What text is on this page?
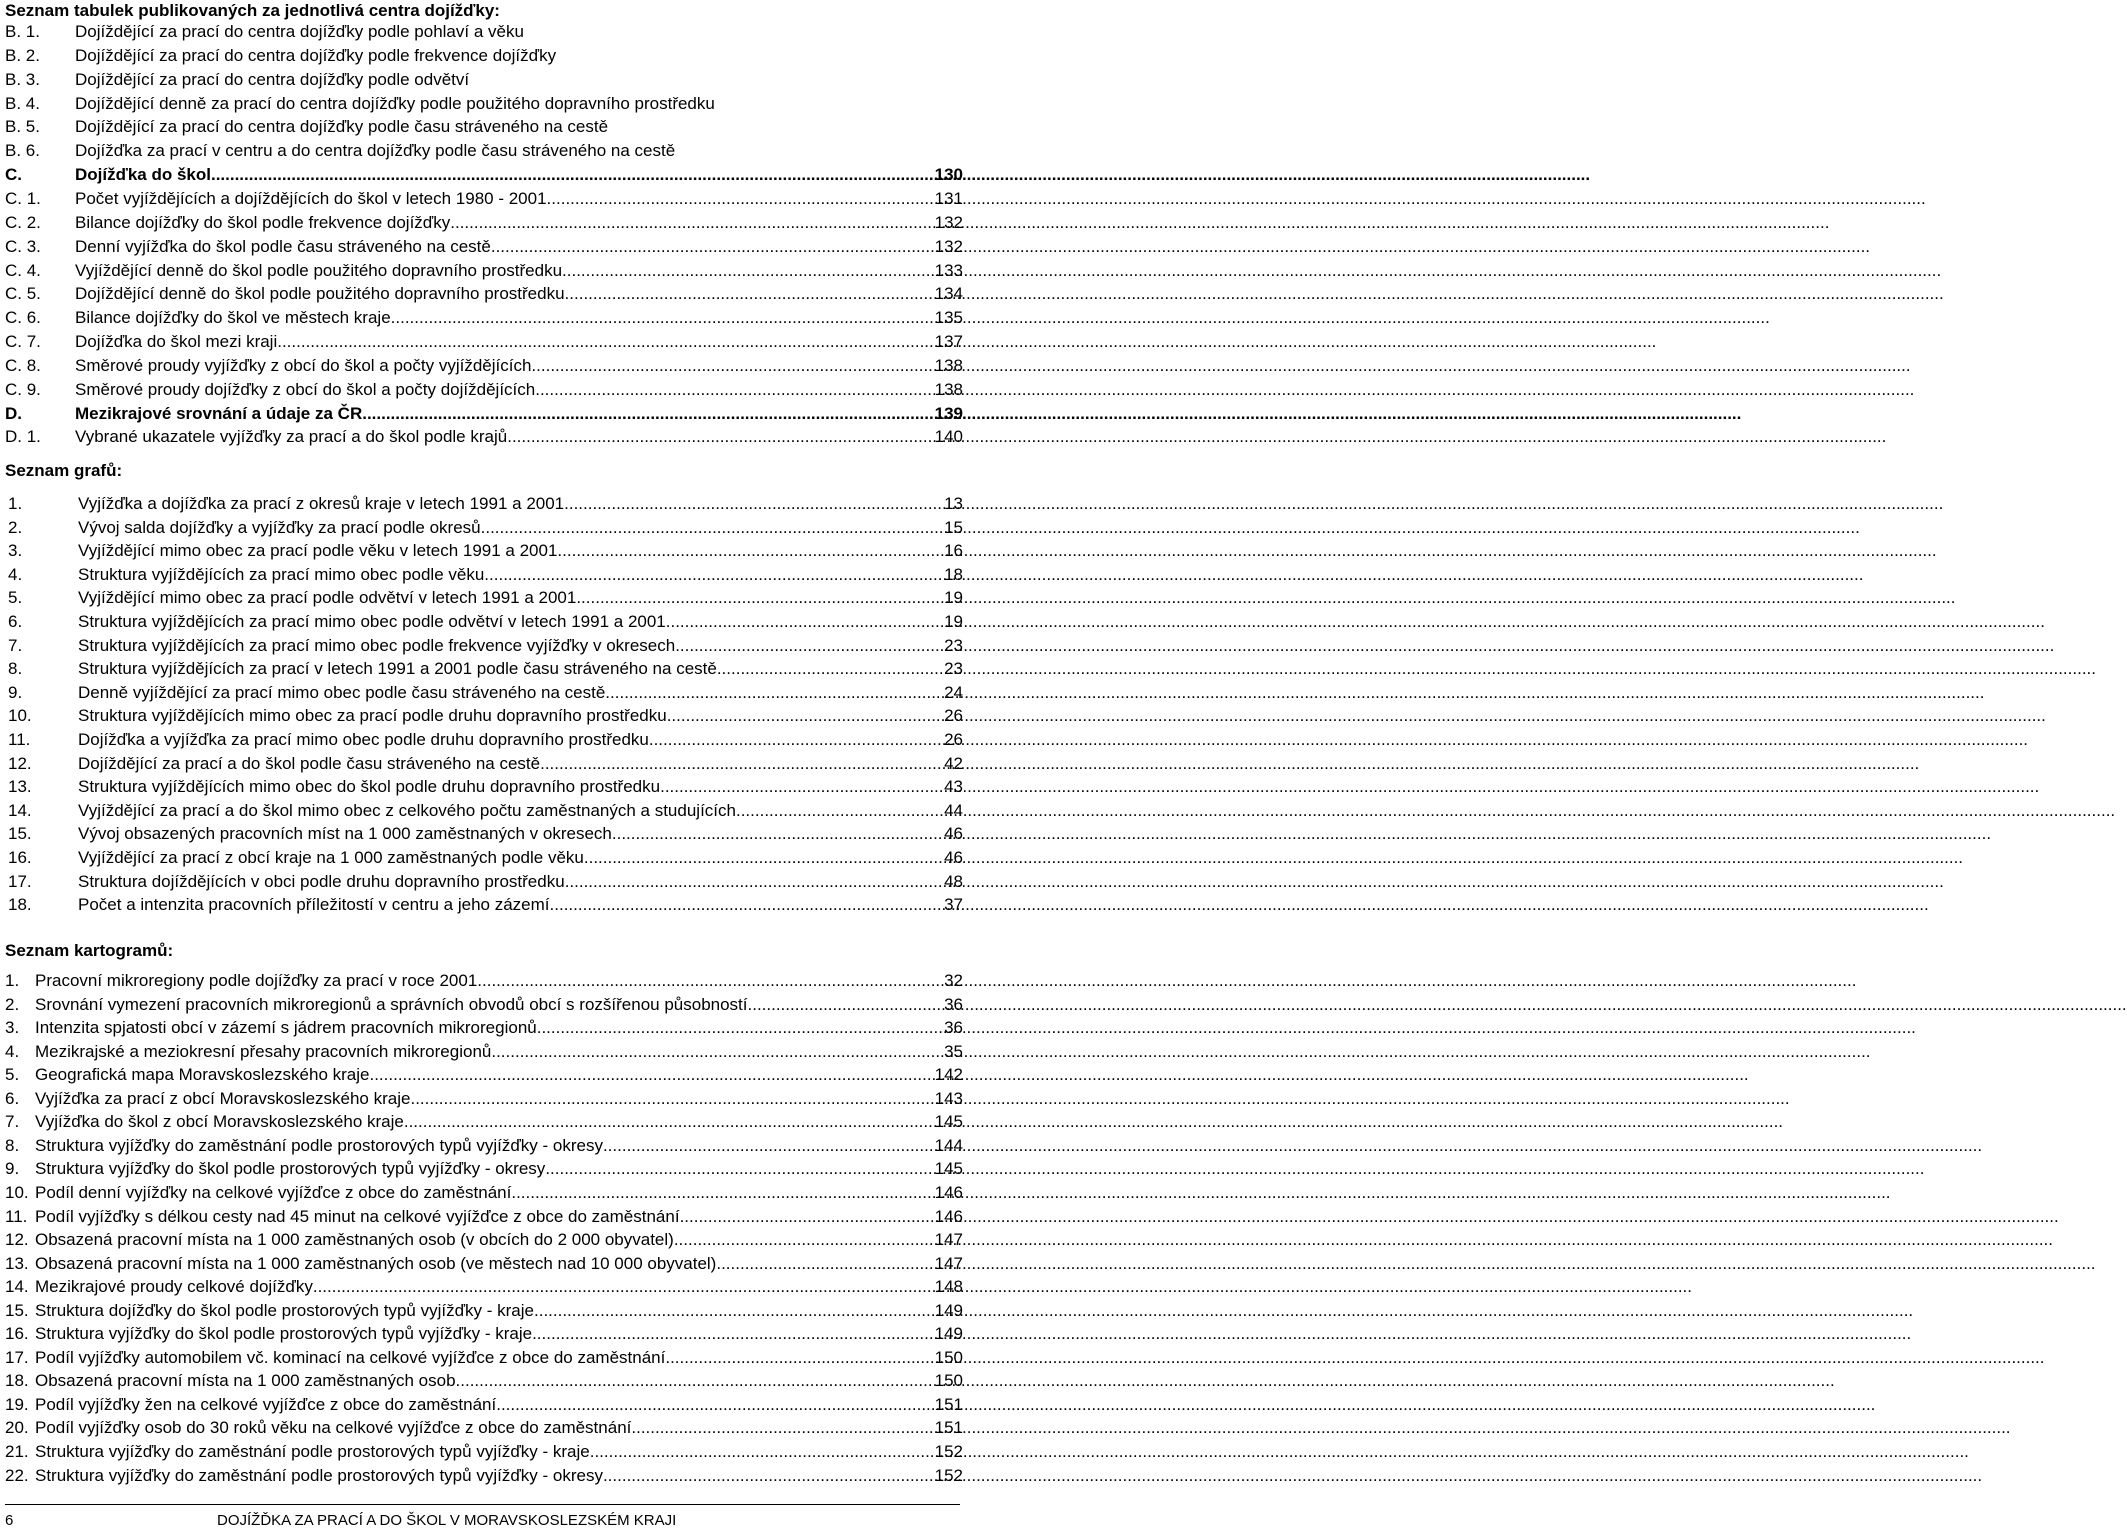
Seznam tabulek publikovaných za jednotlivá centra dojížďky:
B. 1.	Dojíždějící za prací do centra dojížďky podle pohlaví a věku
B. 2.	Dojíždějící za prací do centra dojížďky podle frekvence dojížďky
B. 3.	Dojíždějící za prací do centra dojížďky podle odvětví
B. 4.	Dojíždějící denně za prací do centra dojížďky podle použitého dopravního prostředku
B. 5.	Dojíždějící za prací do centra dojížďky podle času stráveného na cestě
B. 6.	Dojížďka za prací v centru a do centra dojížďky podle času stráveného na cestě
C.	Dojížďka do škol .....	130
C. 1.	Počet vyjíždějících a dojíždějících do škol v letech 1980 - 2001 .....	131
C. 2.	Bilance dojížďky do škol podle frekvence dojížďky .....	132
C. 3.	Denní vyjížďka do škol podle času stráveného na cestě .....	132
C. 4.	Vyjíždějící denně do škol podle použitého dopravního prostředku .....	133
C. 5.	Dojíždějící denně do škol podle použitého dopravního prostředku .....	134
C. 6.	Bilance dojížďky do škol ve městech kraje .....	135
C. 7.	Dojížďka do škol mezi kraji .....	137
C. 8.	Směrové proudy vyjížďky z obcí do škol a počty vyjíždějících .....	138
C. 9.	Směrové proudy dojížďky z obcí do škol a počty dojíždějících .....	138
D.	Mezikrajové srovnání a údaje za ČR .....	139
D. 1.	Vybrané ukazatele vyjížďky za prací a do škol podle krajů .....	140
Seznam grafů:
1.	Vyjížďka a dojížďka za prací z okresů kraje v letech 1991 a 2001 .....	13
2.	Vývoj salda dojížďky a vyjížďky za prací podle okresů .....	15
3.	Vyjíždějící mimo obec za prací podle věku v letech 1991 a 2001 .....	16
4.	Struktura vyjíždějících za prací mimo obec podle věku .....	18
5.	Vyjíždějící mimo obec za prací podle odvětví v letech 1991 a 2001 .....	19
6.	Struktura vyjíždějících za prací mimo obec podle odvětví v letech 1991 a 2001 .....	19
7.	Struktura vyjíždějících za prací mimo obec podle frekvence vyjížďky v okresech .....	23
8.	Struktura vyjíždějících za prací v letech 1991 a 2001 podle času stráveného na cestě .....	23
9.	Denně vyjíždějící za prací mimo obec podle času stráveného na cestě .....	24
10.	Struktura vyjíždějících mimo obec za prací podle druhu dopravního prostředku .....	26
11.	Dojížďka a vyjížďka za prací mimo obec podle druhu dopravního prostředku .....	26
12.	Dojíždějící za prací a do škol podle času stráveného na cestě .....	42
13.	Struktura vyjíždějících mimo obec do škol podle druhu dopravního prostředku .....	43
14.	Vyjíždějící za prací a do škol mimo obec z celkového počtu zaměstnaných a studujících .....	44
15.	Vývoj obsazených pracovních míst na 1 000 zaměstnaných v okresech .....	46
16.	Vyjíždějící za prací z obcí kraje na 1 000 zaměstnaných podle věku .....	46
17.	Struktura dojíždějících v obci podle druhu dopravního prostředku .....	48
18.	Počet a intenzita pracovních příležitostí v centru a jeho zázemí .....	37
Seznam kartogramů:
1. Pracovní mikroregiony podle dojížďky za prací v roce 2001 .....	32
2. Srovnání vymezení pracovních mikroregionů a správních obvodů obcí s rozšířenou působností .....	36
3. Intenzita spjatosti obcí v zázemí s jádrem pracovních mikroregionů .....	36
4. Mezikrajské a meziokresní přesahy pracovních mikroregionů .....	35
5. Geografická mapa Moravskoslezského kraje .....	142
6. Vyjížďka za prací z obcí Moravskoslezského kraje .....	143
7. Vyjížďka do škol z obcí Moravskoslezského kraje .....	145
8. Struktura vyjížďky do zaměstnání podle prostorových typů vyjížďky - okresy .....	144
9. Struktura vyjížďky do škol podle prostorových typů vyjížďky - okresy .....	145
10. Podíl denní vyjížďky na celkové vyjížďce z obce do zaměstnání .....	146
11. Podíl vyjížďky s délkou cesty nad 45 minut na celkové vyjížďce z obce do zaměstnání .....	146
12. Obsazená pracovní místa na 1 000 zaměstnaných osob (v obcích do 2 000 obyvatel) .....	147
13. Obsazená pracovní místa na 1 000 zaměstnaných osob (ve městech nad 10 000 obyvatel) .....	147
14. Mezikrajové proudy celkové dojížďky .....	148
15. Struktura dojížďky do škol podle prostorových typů vyjížďky - kraje .....	149
16. Struktura vyjížďky do škol podle prostorových typů vyjížďky - kraje .....	149
17. Podíl vyjížďky automobilem vč. kominací na celkové vyjížďce z obce do zaměstnání .....	150
18. Obsazená pracovní místa na 1 000 zaměstnaných osob .....	150
19. Podíl vyjížďky žen na celkové vyjížďce z obce do zaměstnání .....	151
20. Podíl vyjížďky osob do 30 roků věku na celkové vyjížďce z obce do zaměstnání .....	151
21. Struktura vyjížďky do zaměstnání podle prostorových typů vyjížďky - kraje .....	152
22. Struktura vyjížďky do zaměstnání podle prostorových typů vyjížďky - okresy .....	152
6	DOJÍŽĎKA ZA PRACÍ A DO ŠKOL V MORAVSKOSLEZSKÉM KRAJI
